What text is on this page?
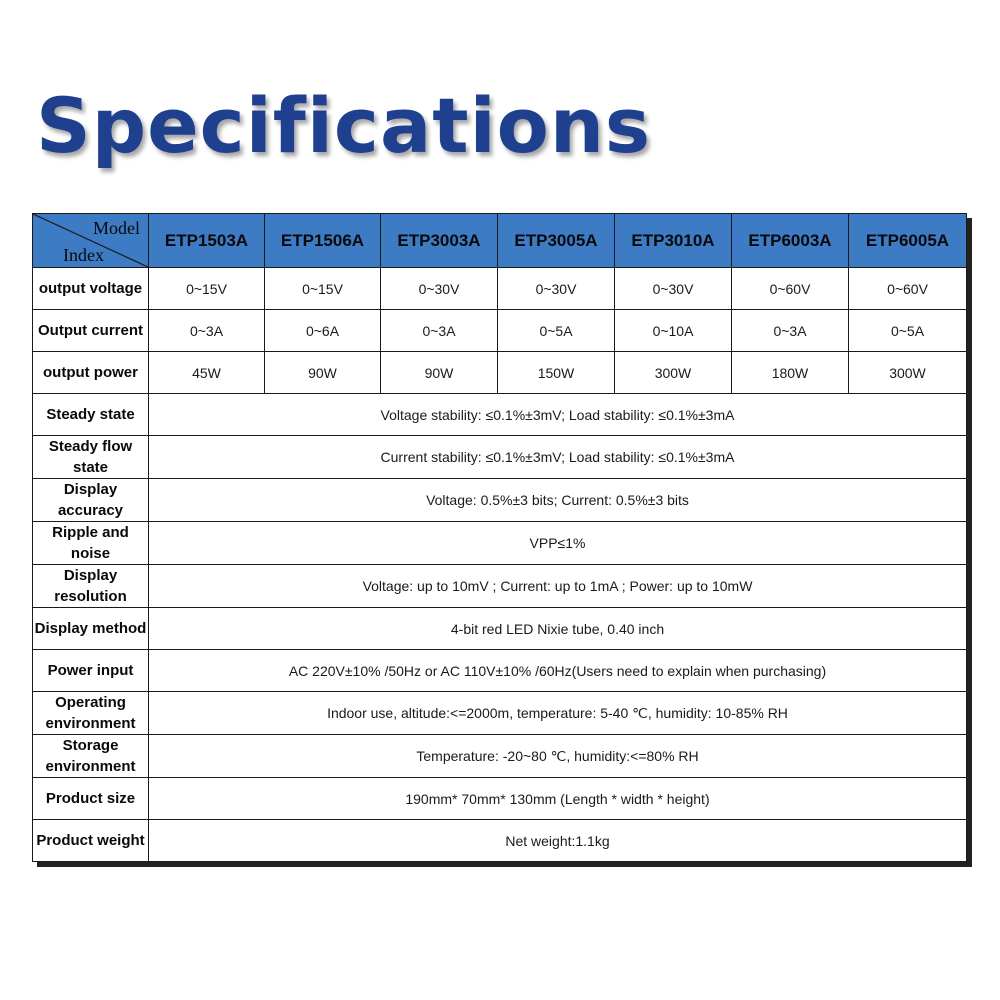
Specifications
Model
Index	ETP1503A	ETP1506A	ETP3003A	ETP3005A	ETP3010A	ETP6003A	ETP6005A
output voltage	0~15V	0~15V	0~30V	0~30V	0~30V	0~60V	0~60V
Output current	0~3A	0~6A	0~3A	0~5A	0~10A	0~3A	0~5A
output power	45W	90W	90W	150W	300W	180W	300W
Steady state	Voltage stability: ≤0.1%±3mV; Load stability: ≤0.1%±3mA						
Steady flow state	Current stability: ≤0.1%±3mV; Load stability: ≤0.1%±3mA						
Display accuracy	Voltage: 0.5%±3 bits; Current: 0.5%±3 bits						
Ripple and noise	VPP≤1%						
Display resolution	Voltage: up to 10mV ; Current: up to 1mA ; Power: up to 10mW						
Display method	4-bit red LED Nixie tube, 0.40 inch						
Power input	AC 220V±10% /50Hz or AC 110V±10% /60Hz(Users need to explain when purchasing)						
Operating environment	Indoor use, altitude:<=2000m, temperature: 5-40 ℃, humidity: 10-85% RH						
Storage environment	Temperature: -20~80 ℃, humidity:<=80% RH						
Product size	190mm* 70mm* 130mm (Length * width * height)						
Product weight	Net weight:1.1kg						
